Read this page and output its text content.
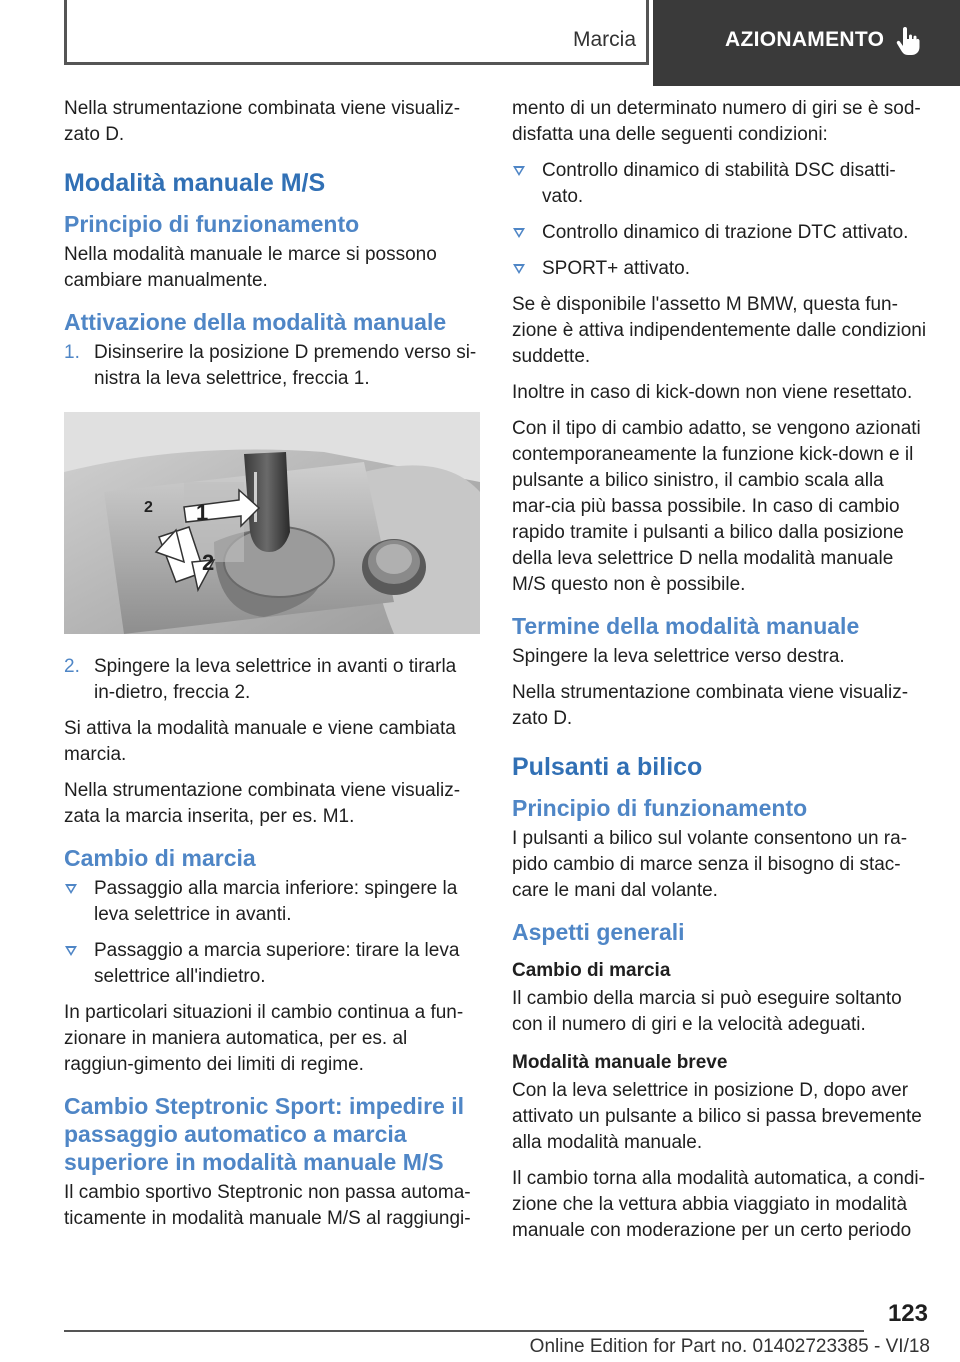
Marcia	AZIONAMENTO

Nella strumentazione combinata viene visualiz-zato D.

Modalità manuale M/S
Principio di funzionamento

Nella modalità manuale le marce si possono cambiare manualmente.

Attivazione della modalità manuale
1. Disinserire la posizione D premendo verso si-nistra la leva selettrice, freccia 1.
1
2
2
2. Spingere la leva selettrice in avanti o tirarla in-dietro, freccia 2.

Si attiva la modalità manuale e viene cambiata marcia.

Nella strumentazione combinata viene visualiz-zata la marcia inserita, per es. M1.

Cambio di marcia
Passaggio alla marcia inferiore: spingere la leva selettrice in avanti.
Passaggio a marcia superiore: tirare la leva selettrice all'indietro.

In particolari situazioni il cambio continua a fun-zionare in maniera automatica, per es. al raggiun-gimento dei limiti di regime.

Cambio Steptronic Sport: impedire il passaggio automatico a marcia superiore in modalità manuale M/S

Il cambio sportivo Steptronic non passa automa-ticamente in modalità manuale M/S al raggiungi-

mento di un determinato numero di giri se è sod-disfatta una delle seguenti condizioni:

Controllo dinamico di stabilità DSC disatti-vato.
Controllo dinamico di trazione DTC attivato.
SPORT+ attivato.

Se è disponibile l'assetto M BMW, questa fun-zione è attiva indipendentemente dalle condizioni suddette.

Inoltre in caso di kick-down non viene resettato.

Con il tipo di cambio adatto, se vengono azionati contemporaneamente la funzione kick-down e il pulsante a bilico sinistro, il cambio scala alla mar-cia più bassa possibile. In caso di cambio rapido tramite i pulsanti a bilico dalla posizione della leva selettrice D nella modalità manuale M/S questo non è possibile.

Termine della modalità manuale

Spingere la leva selettrice verso destra.

Nella strumentazione combinata viene visualiz-zato D.

Pulsanti a bilico
Principio di funzionamento

I pulsanti a bilico sul volante consentono un ra-pido cambio di marce senza il bisogno di stac-care le mani dal volante.

Aspetti generali
Cambio di marcia

Il cambio della marcia si può eseguire soltanto con il numero di giri e la velocità adeguati.

Modalità manuale breve

Con la leva selettrice in posizione D, dopo aver attivato un pulsante a bilico si passa brevemente alla modalità manuale.

Il cambio torna alla modalità automatica, a condi-zione che la vettura abbia viaggiato in modalità manuale con moderazione per un certo periodo

123
Online Edition for Part no. 01402723385 - VI/18
